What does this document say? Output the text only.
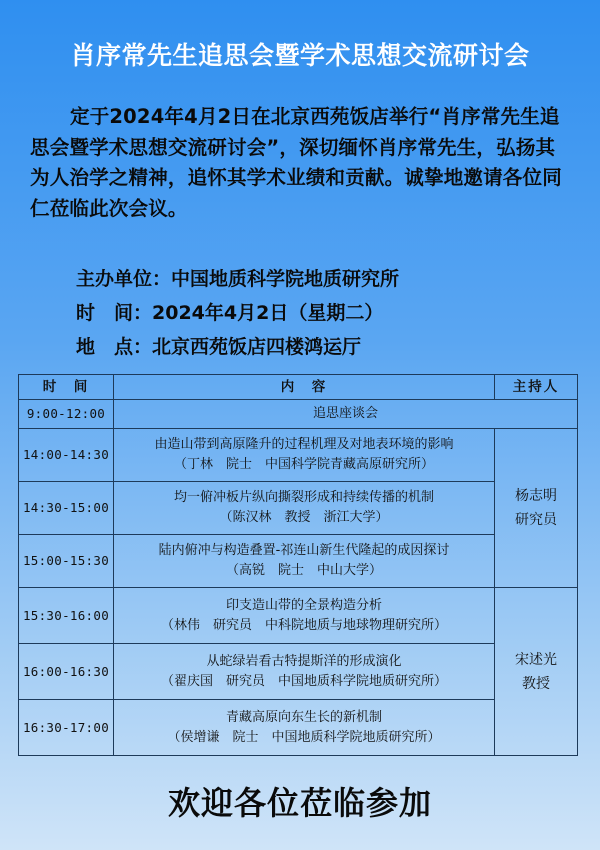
肖序常先生追思会暨学术思想交流研讨会
定于2024年4月2日在北京西苑饭店举行“肖序常先生追思会暨学术思想交流研讨会”，深切缅怀肖序常先生，弘扬其为人治学之精神，追怀其学术业绩和贡献。诚挚地邀请各位同仁莅临此次会议。
主办单位：中国地质科学院地质研究所
时　间：2024年4月2日（星期二）
地　点：北京西苑饭店四楼鸿运厅
时　间	内　容	主持人
9:00-12:00	追思座谈会	
14:00-14:30	由造山带到高原隆升的过程机理及对地表环境的影响
（丁林　院士　中国科学院青藏高原研究所）	杨志明
研究员

14:30-15:00	均一俯冲板片纵向撕裂形成和持续传播的机制
（陈汉林　教授　浙江大学）	

15:00-15:30	陆内俯冲与构造叠置-祁连山新生代隆起的成因探讨
（高锐　院士　中山大学）	

15:30-16:00	印支造山带的全景构造分析
（林伟　研究员　中科院地质与地球物理研究所）	宋述光
教授

16:00-16:30	从蛇绿岩看古特提斯洋的形成演化
（翟庆国　研究员　中国地质科学院地质研究所）	

16:30-17:00	青藏高原向东生长的新机制
（侯增谦　院士　中国地质科学院地质研究所）	
欢迎各位莅临参加
